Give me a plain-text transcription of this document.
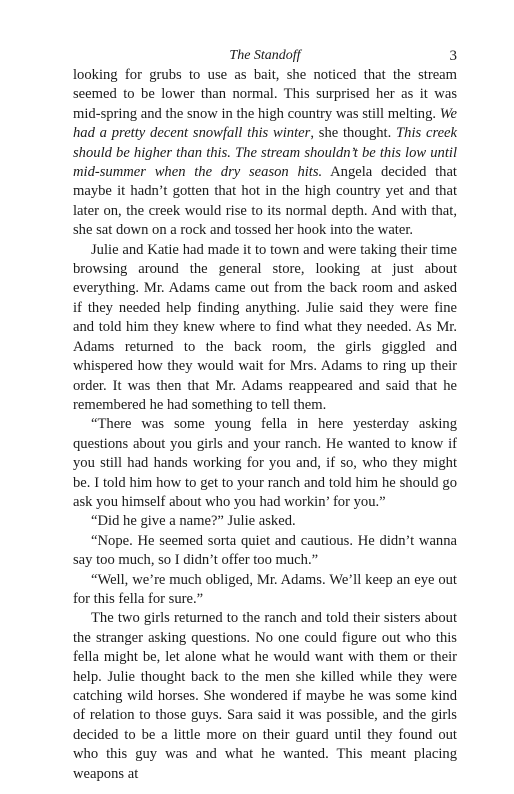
The Standoff	3

looking for grubs to use as bait, she noticed that the stream seemed to be lower than normal. This surprised her as it was mid-spring and the snow in the high country was still melting. We had a pretty decent snowfall this winter, she thought. This creek should be higher than this. The stream shouldn’t be this low until mid-summer when the dry season hits. Angela decided that maybe it hadn’t gotten that hot in the high country yet and that later on, the creek would rise to its normal depth. And with that, she sat down on a rock and tossed her hook into the water.

Julie and Katie had made it to town and were taking their time browsing around the general store, looking at just about everything. Mr. Adams came out from the back room and asked if they needed help finding anything. Julie said they were fine and told him they knew where to find what they needed. As Mr. Adams returned to the back room, the girls giggled and whispered how they would wait for Mrs. Adams to ring up their order. It was then that Mr. Adams reappeared and said that he remembered he had something to tell them.

“There was some young fella in here yesterday asking questions about you girls and your ranch. He wanted to know if you still had hands working for you and, if so, who they might be. I told him how to get to your ranch and told him he should go ask you himself about who you had workin’ for you.”

“Did he give a name?” Julie asked.

“Nope. He seemed sorta quiet and cautious. He didn’t wanna say too much, so I didn’t offer too much.”

“Well, we’re much obliged, Mr. Adams. We’ll keep an eye out for this fella for sure.”

The two girls returned to the ranch and told their sisters about the stranger asking questions. No one could figure out who this fella might be, let alone what he would want with them or their help. Julie thought back to the men she killed while they were catching wild horses. She wondered if maybe he was some kind of relation to those guys. Sara said it was possible, and the girls decided to be a little more on their guard until they found out who this guy was and what he wanted. This meant placing weapons at
